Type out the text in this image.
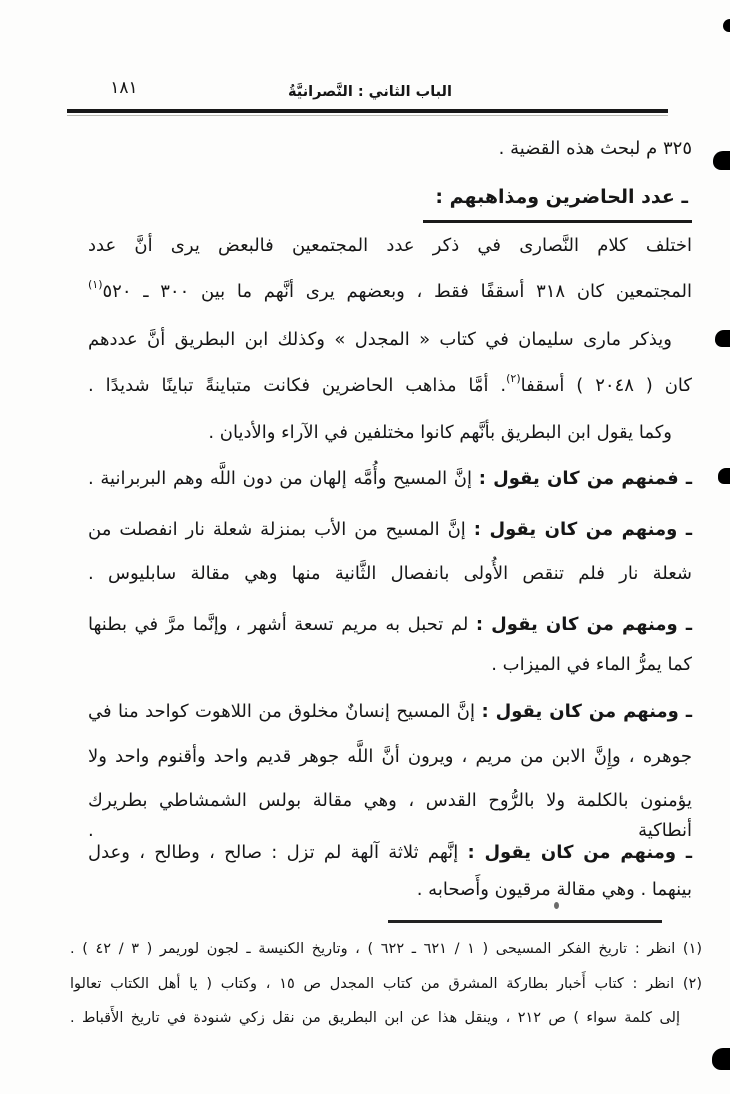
١٨١	الباب الثاني : النَّصرانيَّةُ
٣٢٥ م لبحث هذه القضية .
ـ عدد الحاضرين ومذاهبهم :
اختلف كلام النَّصارى في ذكر عدد المجتمعين فالبعض يرى أنَّ عدد
المجتمعين كان ٣١٨ أسقفًا فقط ، وبعضهم يرى أنَّهم ما بين ٣٠٠ ـ ٥٢٠$^{(١)}$
ويذكر مارى سليمان في كتاب « المجدل » وكذلك ابن البطريق أنَّ عددهم
كان ( ٢٠٤٨ ) أسقفا$^{(٢)}$. أمَّا مذاهب الحاضرين فكانت متباينةً تباينًا شديدًا .
وكما يقول ابن البطريق بأنَّهم كانوا مختلفين في الآراء والأديان .
ـ فمنهم من كان يقول : إنَّ المسيح وأُمَّه إلهان من دون اللَّه وهم البربرانية .
ـ ومنهم من كان يقول : إنَّ المسيح من الأب بمنزلة شعلة نار انفصلت من
شعلة نار فلم تنقص الأُولى بانفصال الثَّانية منها وهي مقالة سابليوس .
ـ ومنهم من كان يقول : لم تحبل به مريم تسعة أشهر ، وإنَّما مرَّ في بطنها
كما يمرُّ الماء في الميزاب .
ـ ومنهم من كان يقول : إنَّ المسيح إنسانٌ مخلوق من اللاهوت كواحد منا في
جوهره ، وإِنَّ الابن من مريم ، ويرون أنَّ اللَّه جوهر قديم واحد وأقنوم واحد ولا
يؤمنون بالكلمة ولا بالرُّوح القدس ، وهي مقالة بولس الشمشاطي بطريرك أنطاكية .
ـ ومنهم من كان يقول : إنَّهم ثلاثة آلهة لم تزل : صالح ، وطالح ، وعدل
بينهما . وهي مقالة مرقيون وأَصحابه .
(١) انظر : تاريخ الفكر المسيحى ( ١ / ٦٢١ ـ ٦٢٢ ) ، وتاريخ الكنيسة ـ لجون لوريمر ( ٣ / ٤٢ ) .
(٢) انظر : كتاب أَخبار بطاركة المشرق من كتاب المجدل ص ١٥ ، وكتاب ( يا أهل الكتاب تعالوا
إلى كلمة سواء ) ص ٢١٢ ، وينقل هذا عن ابن البطريق من نقل زكي شنودة في تاريخ الأَقباط .
